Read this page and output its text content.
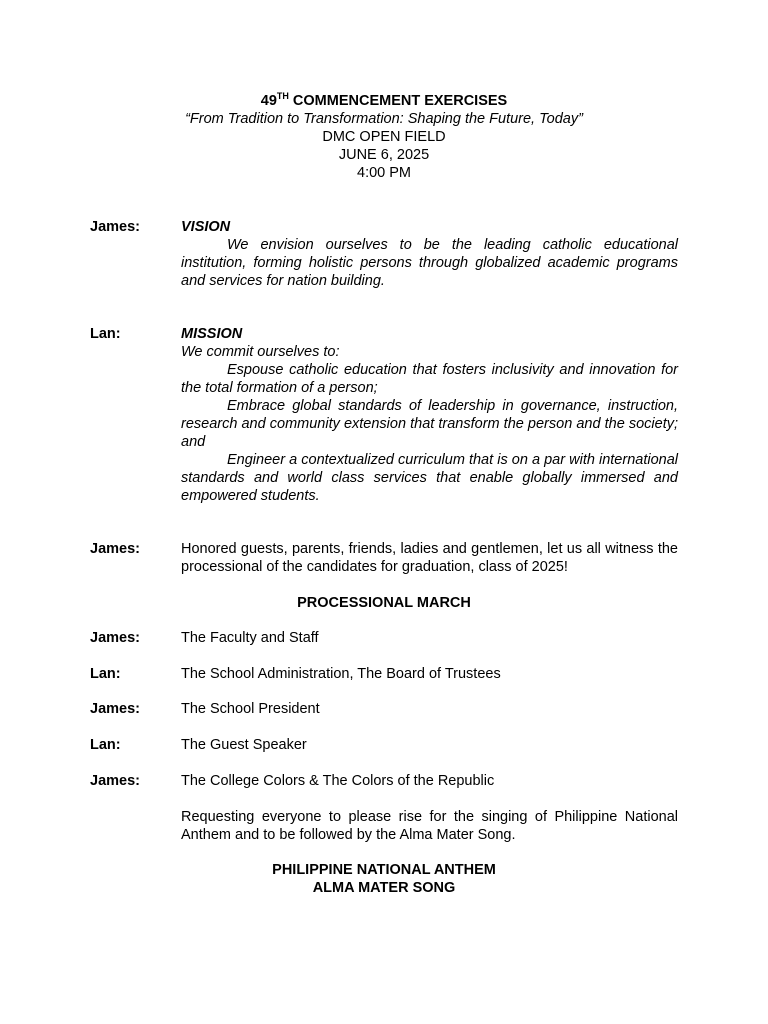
49TH COMMENCEMENT EXERCISES
“From Tradition to Transformation: Shaping the Future, Today”
DMC OPEN FIELD
JUNE 6, 2025
4:00 PM
James:	VISION

We envision ourselves to be the leading catholic educational institution, forming holistic persons through globalized academic programs and services for nation building.

Lan:	MISSION

We commit ourselves to:

Espouse catholic education that fosters inclusivity and innovation for the total formation of a person;

Embrace global standards of leadership in governance, instruction, research and community extension that transform the person and the society; and

Engineer a contextualized curriculum that is on a par with international standards and world class services that enable globally immersed and empowered students.

James:	Honored guests, parents, friends, ladies and gentlemen, let us all witness the processional of the candidates for graduation, class of 2025!

PROCESSIONAL MARCH
James:	The Faculty and Staff
Lan:	The School Administration, The Board of Trustees
James:	The School President
Lan:	The Guest Speaker
James:	The College Colors & The Colors of the Republic
Requesting everyone to please rise for the singing of Philippine National Anthem and to be followed by the Alma Mater Song.
PHILIPPINE NATIONAL ANTHEM
ALMA MATER SONG
